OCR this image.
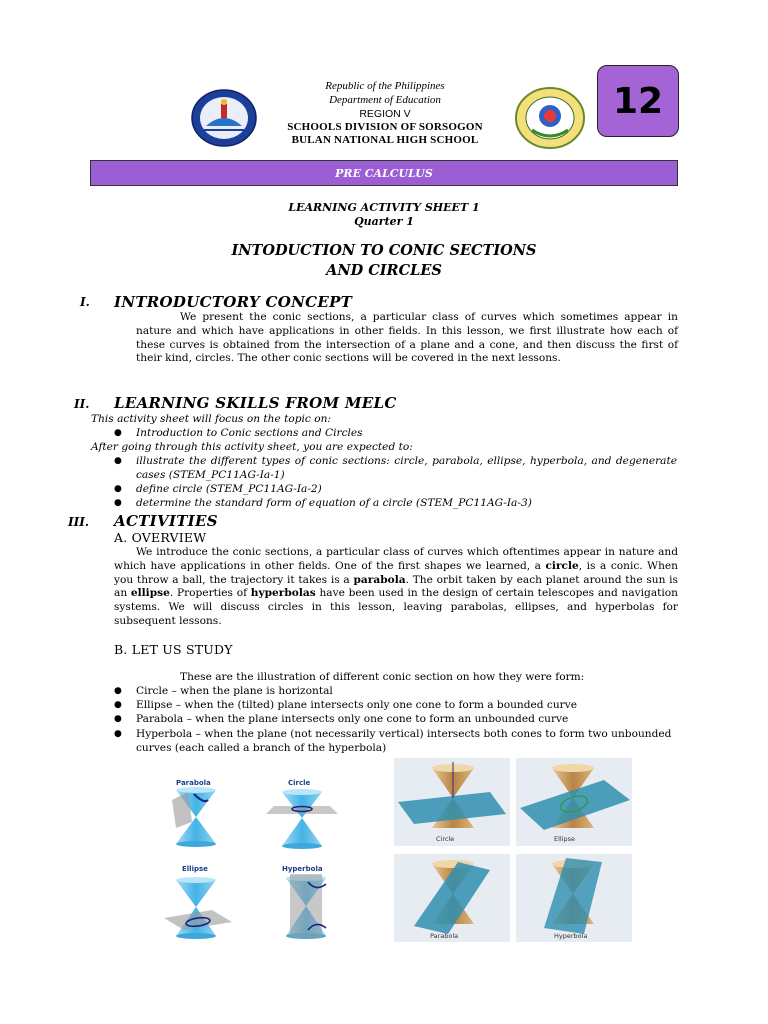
Republic of the Philippines
Department of Education
REGION V
SCHOOLS DIVISION OF SORSOGON
BULAN NATIONAL HIGH SCHOOL
12
PRE CALCULUS
LEARNING ACTIVITY SHEET 1
Quarter 1
INTODUCTION TO CONIC SECTIONS
AND CIRCLES
I. INTRODUCTORY CONCEPT
We present the conic sections, a particular class of curves which sometimes appear in nature and which have applications in other fields. In this lesson, we first illustrate how each of these curves is obtained from the intersection of a plane and a cone, and then discuss the first of their kind, circles. The other conic sections will be covered in the next lessons.
II. LEARNING SKILLS FROM MELC
This activity sheet will focus on the topic on:
● Introduction to Conic sections and Circles
After going through this activity sheet, you are expected to:
● illustrate the different types of conic sections: circle, parabola, ellipse, hyperbola, and degenerate cases (STEM_PC11AG-Ia-1)
● define circle (STEM_PC11AG-Ia-2)
● determine the standard form of equation of a circle (STEM_PC11AG-Ia-3)
III. ACTIVITIES
A. OVERVIEW
We introduce the conic sections, a particular class of curves which oftentimes appear in nature and which have applications in other fields. One of the first shapes we learned, a circle, is a conic. When you throw a ball, the trajectory it takes is a parabola. The orbit taken by each planet around the sun is an ellipse. Properties of hyperbolas have been used in the design of certain telescopes and navigation systems. We will discuss circles in this lesson, leaving parabolas, ellipses, and hyperbolas for subsequent lessons.
B. LET US STUDY
These are the illustration of different conic section on how they were form:
● Circle – when the plane is horizontal
● Ellipse – when the (tilted) plane intersects only one cone to form a bounded curve
● Parabola – when the plane intersects only one cone to form an unbounded curve
● Hyperbola – when the plane (not necessarily vertical) intersects both cones to form two unbounded curves (each called a branch of the hyperbola)
Parabola	Circle
Ellipse	Hyperbola
Circle	Ellipse
Parabola	Hyperbola
